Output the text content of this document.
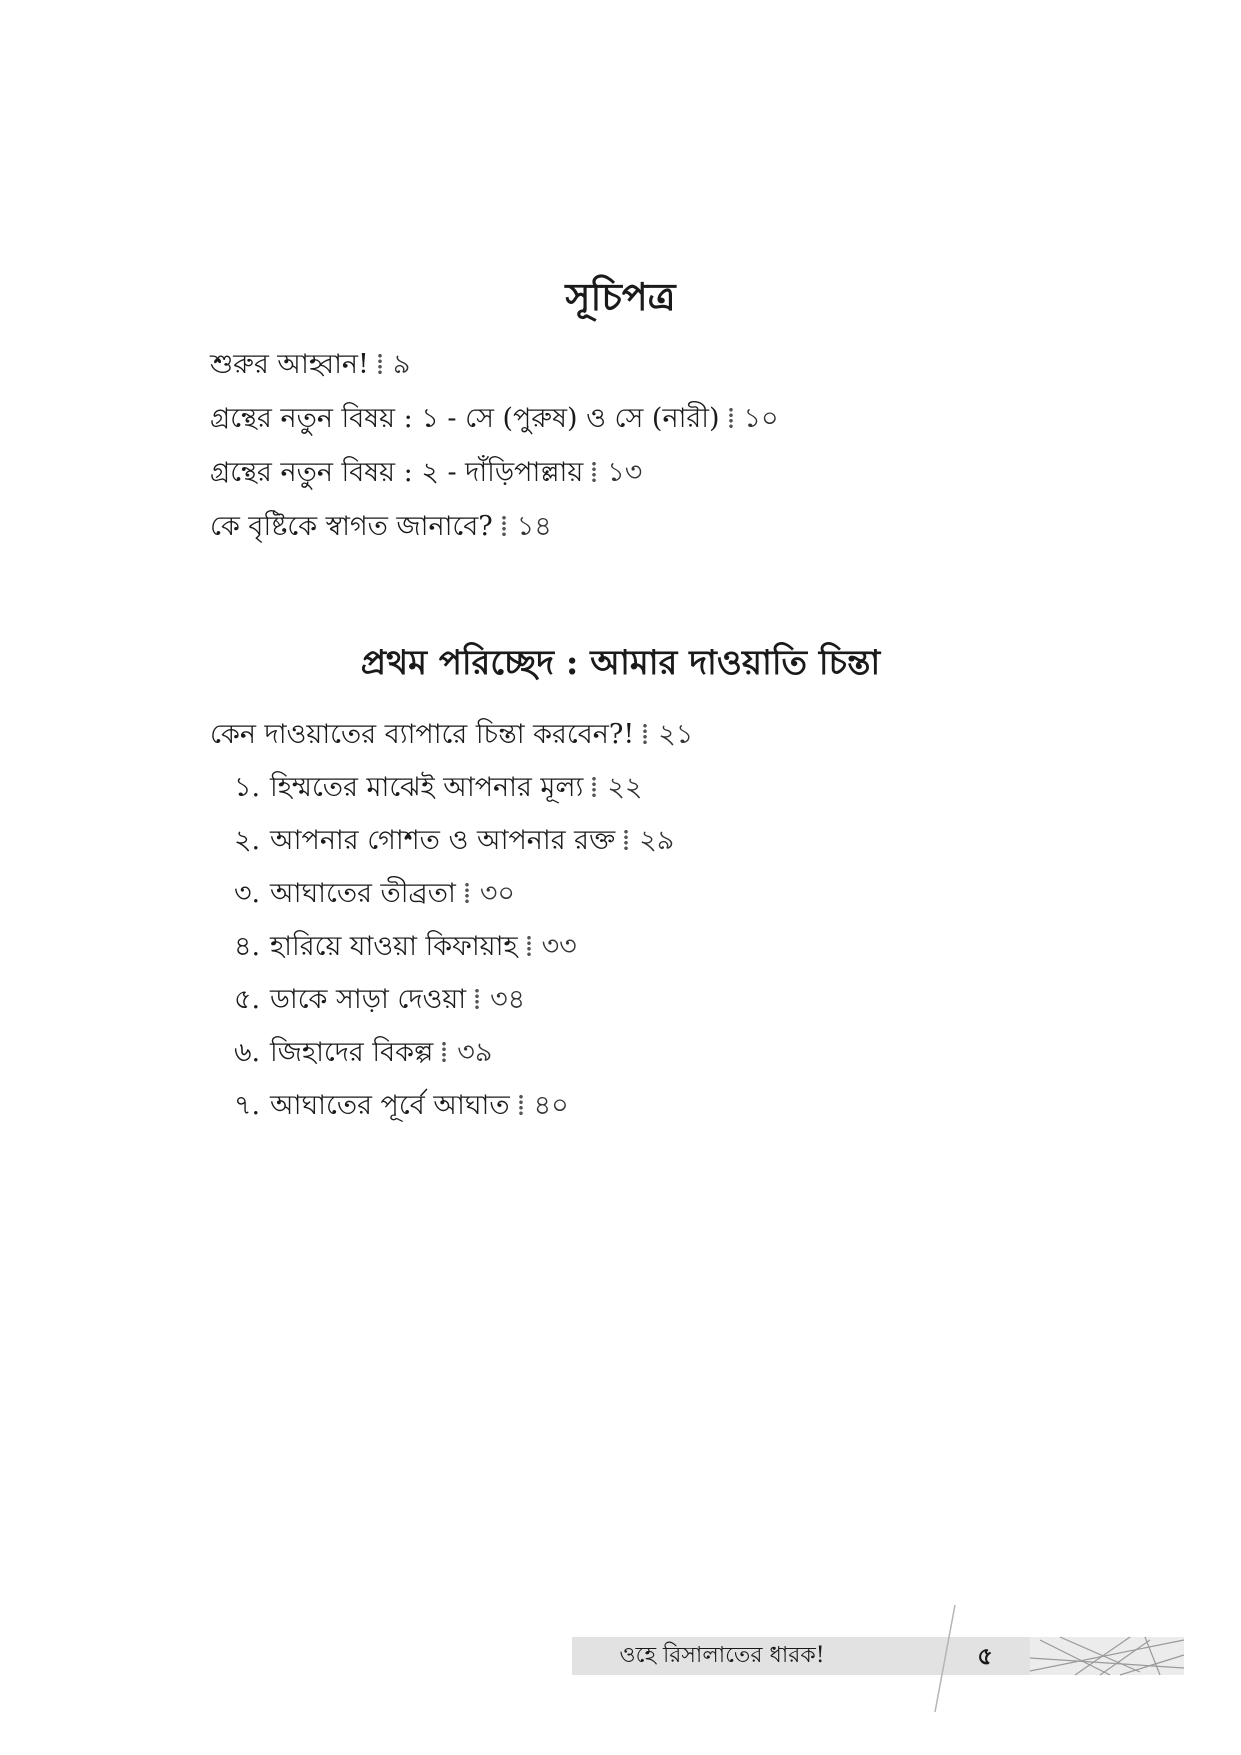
সূচিপত্র
শুরুর আহ্বান! ৯
গ্রন্থের নতুন বিষয় : ১ - সে (পুরুষ) ও সে (নারী) ১০
গ্রন্থের নতুন বিষয় : ২ - দাঁড়িপাল্লায় ১৩
কে বৃষ্টিকে স্বাগত জানাবে? ১৪
প্রথম পরিচ্ছেদ : আমার দাওয়াতি চিন্তা
কেন দাওয়াতের ব্যাপারে চিন্তা করবেন?! ২১
১. হিম্মতের মাঝেই আপনার মূল্য ২২
২. আপনার গোশত ও আপনার রক্ত ২৯
৩. আঘাতের তীব্রতা ৩০
৪. হারিয়ে যাওয়া কিফায়াহ ৩৩
৫. ডাকে সাড়া দেওয়া ৩৪
৬. জিহাদের বিকল্প ৩৯
৭. আঘাতের পূর্বে আঘাত ৪০
ওহে রিসালাতের ধারক!	৫
